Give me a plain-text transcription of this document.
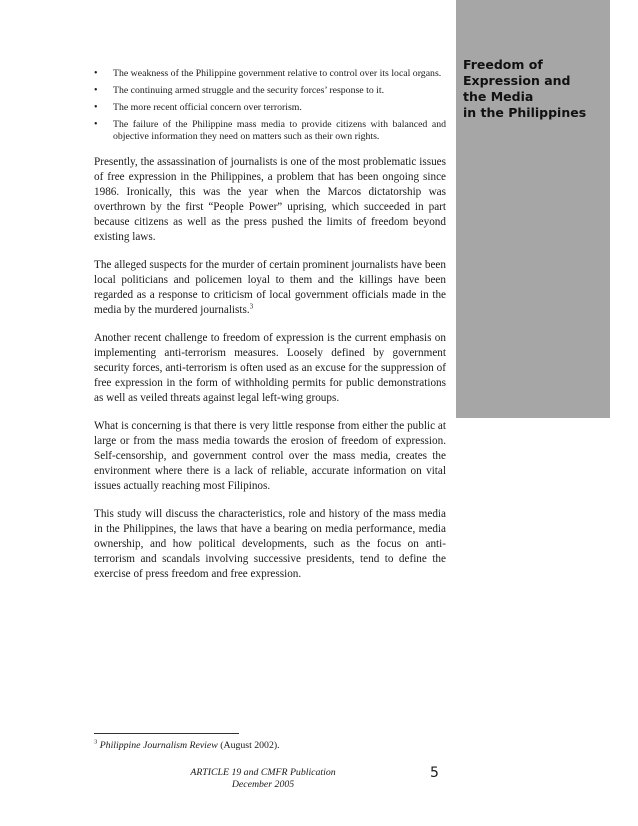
Freedom of
Expression and
the Media
in the Philippines
• The weakness of the Philippine government relative to control over its local organs.
• The continuing armed struggle and the security forces’ response to it.
• The more recent official concern over terrorism.
• The failure of the Philippine mass media to provide citizens with balanced and objective information they need on matters such as their own rights.

Presently, the assassination of journalists is one of the most problematic issues of free expression in the Philippines, a problem that has been ongoing since 1986. Ironically, this was the year when the Marcos dictatorship was overthrown by the first “People Power” uprising, which succeeded in part because citizens as well as the press pushed the limits of freedom beyond existing laws.

The alleged suspects for the murder of certain prominent journalists have been local politicians and policemen loyal to them and the killings have been regarded as a response to criticism of local government officials made in the media by the murdered journalists.$^3$

Another recent challenge to freedom of expression is the current emphasis on implementing anti-terrorism measures. Loosely defined by government security forces, anti-terrorism is often used as an excuse for the suppression of free expression in the form of withholding permits for public demonstrations as well as veiled threats against legal left-wing groups.

What is concerning is that there is very little response from either the public at large or from the mass media towards the erosion of freedom of expression. Self-censorship, and government control over the mass media, creates the environment where there is a lack of reliable, accurate information on vital issues actually reaching most Filipinos.

This study will discuss the characteristics, role and history of the mass media in the Philippines, the laws that have a bearing on media performance, media ownership, and how political developments, such as the focus on anti-terrorism and scandals involving successive presidents, tend to define the exercise of press freedom and free expression.

$^3$ Philippine Journalism Review (August 2002).
ARTICLE 19 and CMFR Publication
December 2005
5
